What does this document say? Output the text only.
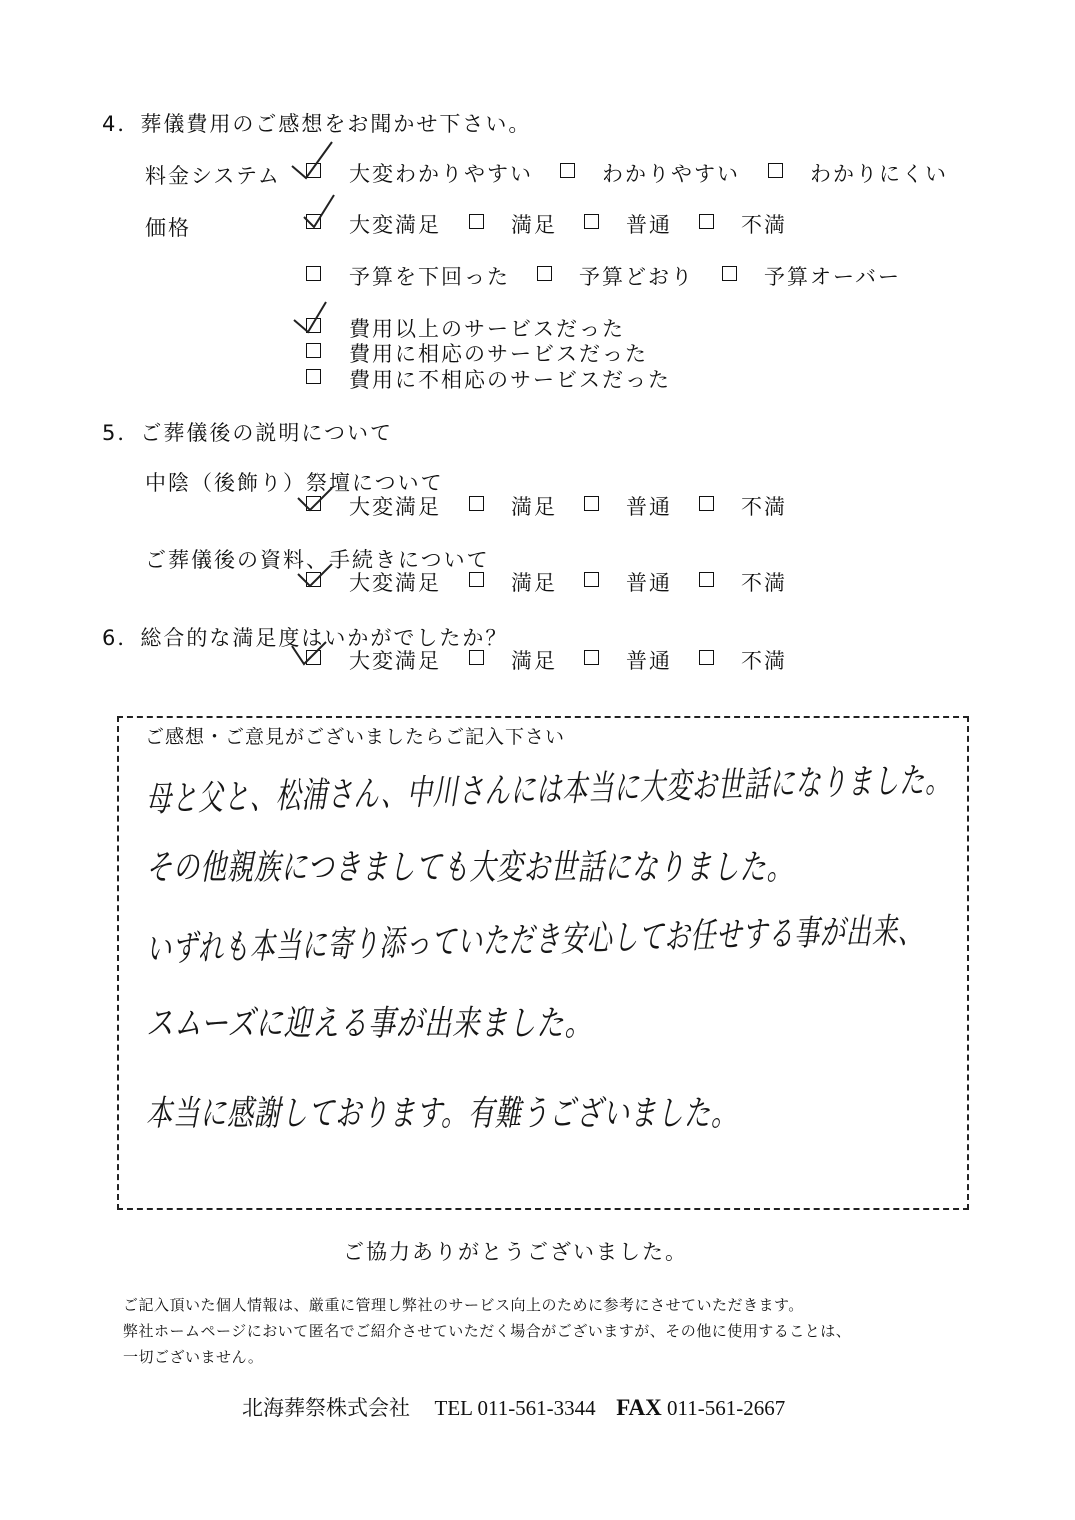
4．葬儀費用のご感想をお聞かせ下さい。
料金システム	大変わかりやすい	わかりやすい	わかりにくい
価格	大変満足	満足	普通	不満
予算を下回った	予算どおり	予算オーバー
費用以上のサービスだった
費用に相応のサービスだった
費用に不相応のサービスだった
5．ご葬儀後の説明について
中陰（後飾り）祭壇について
大変満足	満足	普通	不満
ご葬儀後の資料、手続きについて
大変満足	満足	普通	不満
6．総合的な満足度はいかがでしたか？
大変満足	満足	普通	不満
ご感想・ご意見がございましたらご記入下さい
母と父と、松浦さん、中川さんには本当に大変お世話になりました。
その他親族につきましても大変お世話になりました。
いずれも本当に寄り添っていただき安心してお任せする事が出来、
スムーズに迎える事が出来ました。
本当に感謝しております。有難うございました。
ご協力ありがとうございました。
ご記入頂いた個人情報は、厳重に管理し弊社のサービス向上のために参考にさせていただきます。
弊社ホームページにおいて匿名でご紹介させていただく場合がございますが、その他に使用することは、
一切ございません。
北海葬祭株式会社 TEL 011-561-3344 FAX 011-561-2667
